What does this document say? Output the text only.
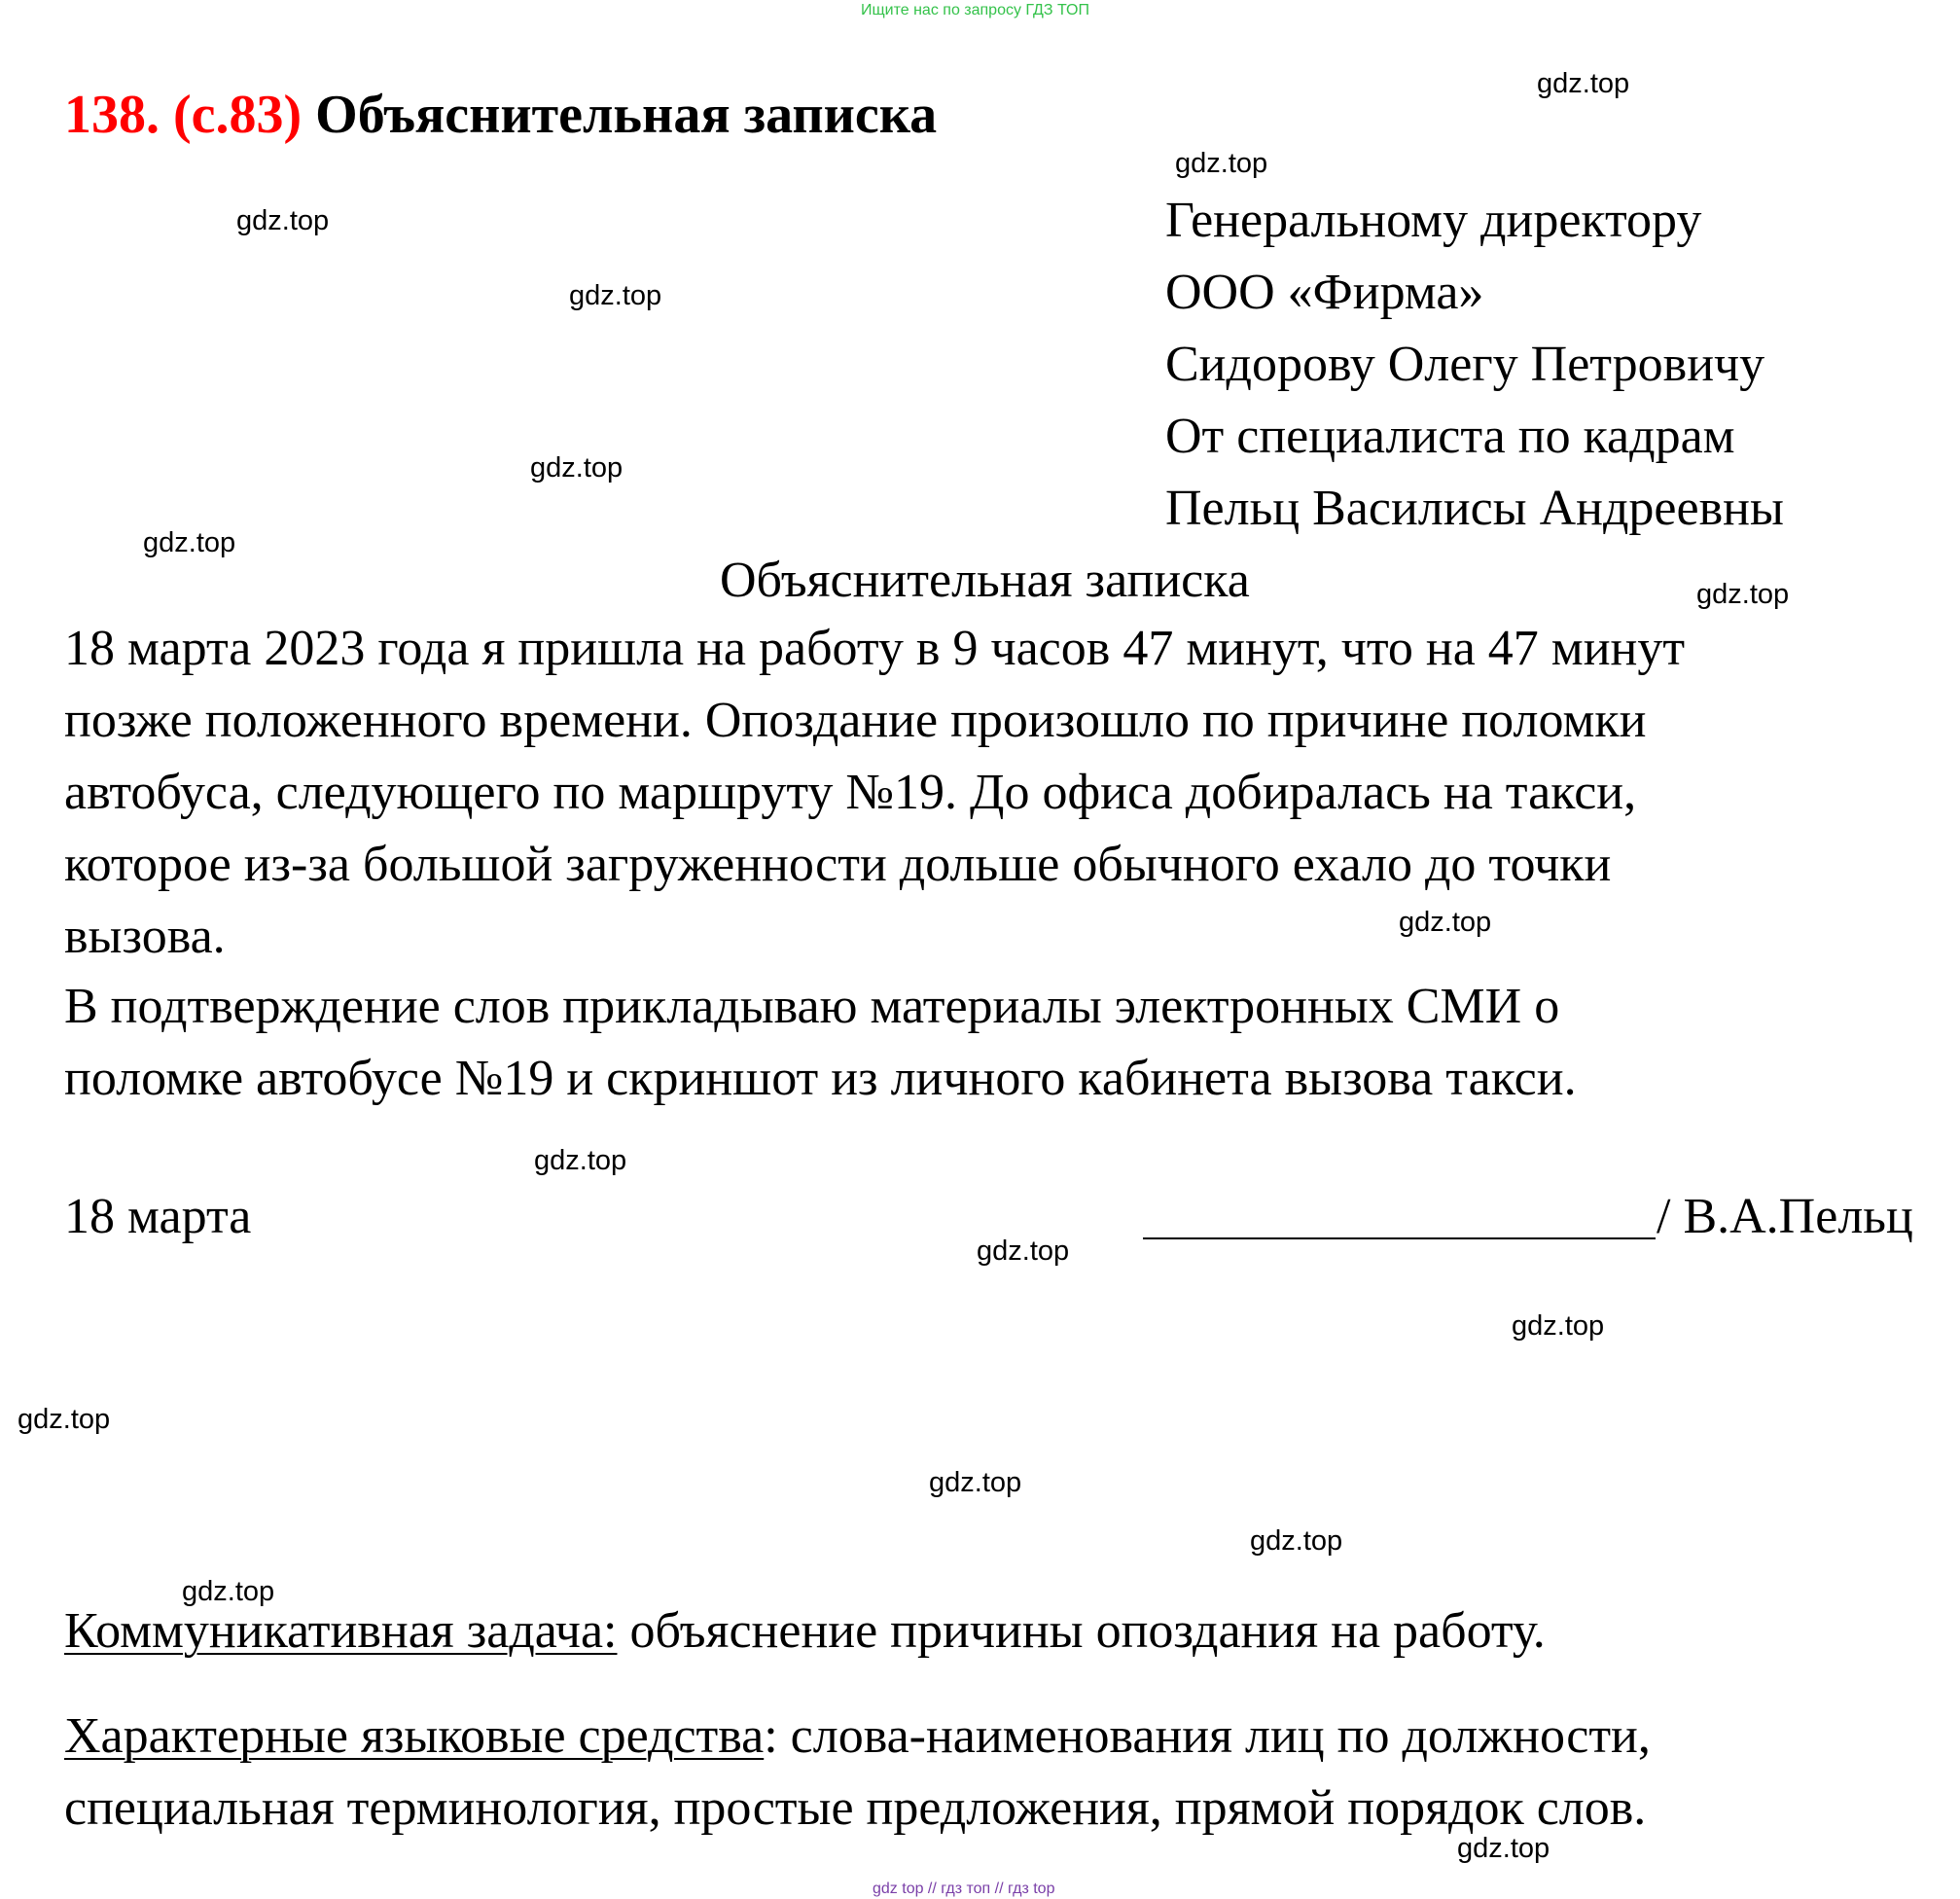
Ищите нас по запросу ГДЗ ТОП
138. (с.83) Объяснительная записка
Генеральному директору
ООО «Фирма»
Сидорову Олегу Петровичу
От специалиста по кадрам
Пельц Василисы Андреевны
Объяснительная записка
18 марта 2023 года я пришла на работу в 9 часов 47 минут, что на 47 минут
позже положенного времени. Опоздание произошло по причине поломки
автобуса, следующего по маршруту №19. До офиса добиралась на такси,
которое из-за большой загруженности дольше обычного ехало до точки
вызова.
В подтверждение слов прикладываю материалы электронных СМИ о
поломке автобусе №19 и скриншот из личного кабинета вызова такси.
18 марта	/ В.А.Пельц
Коммуникативная задача: объяснение причины опоздания на работу.
Характерные языковые средства: слова-наименования лиц по должности,
специальная терминология, простые предложения, прямой порядок слов.
gdz.top
gdz.top
gdz.top
gdz.top
gdz.top
gdz.top
gdz.top
gdz.top
gdz.top
gdz.top
gdz.top
gdz.top
gdz.top
gdz.top
gdz.top
gdz.top
gdz top // гдз топ // гдз top
